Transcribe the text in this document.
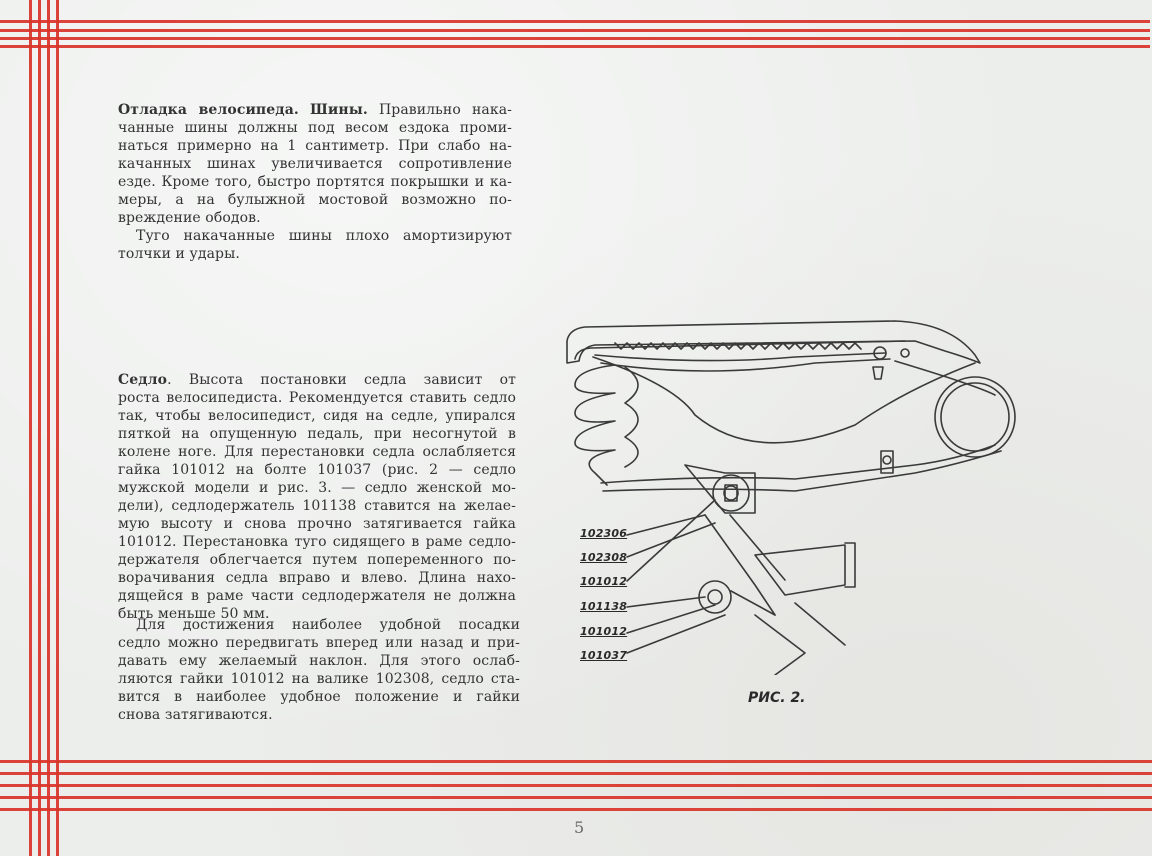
Отладка велосипеда. Шины. Правильно нака-
чанные шины должны под весом ездока проми-
наться примерно на 1 сантиметр. При слабо на-
качанных шинах увеличивается сопротивление
езде. Кроме того, быстро портятся покрышки и ка-
меры, а на булыжной мостовой возможно по-
вреждение ободов.
Туго накачанные шины плохо амортизируют
толчки и удары.
Седло. Высота постановки седла зависит от
роста велосипедиста. Рекомендуется ставить седло
так, чтобы велосипедист, сидя на седле, упирался
пяткой на опущенную педаль, при несогнутой в
колене ноге. Для перестановки седла ослабляется
гайка 101012 на болте 101037 (рис. 2 — седло
мужской модели и рис. 3. — седло женской мо-
дели), седлодержатель 101138 ставится на желае-
мую высоту и снова прочно затягивается гайка
101012. Перестановка туго сидящего в раме седло-
держателя облегчается путем попеременного по-
ворачивания седла вправо и влево. Длина нахо-
дящейся в раме части седлодержателя не должна
быть меньше 50 мм.
Для достижения наиболее удобной посадки
седло можно передвигать вперед или назад и при-
давать ему желаемый наклон. Для этого ослаб-
ляются гайки 101012 на валике 102308, седло ста-
вится в наиболее удобное положение и гайки
снова затягиваются.
102306
102308
101012
101138
101012
101037
РИС. 2.
5
